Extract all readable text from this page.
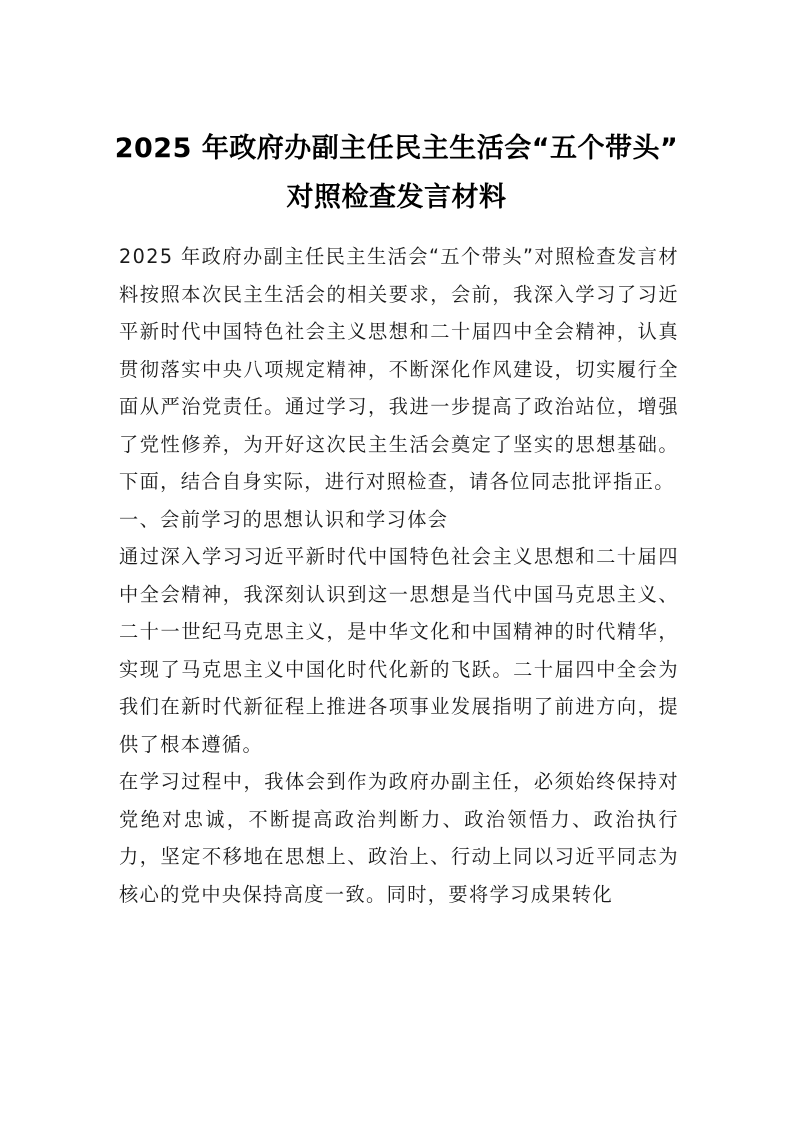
2025 年政府办副主任民主生活会“五个带头”
对照检查发言材料

2025 年政府办副主任民主生活会“五个带头”对照检查发言材料按照本次民主生活会的相关要求，会前，我深入学习了习近平新时代中国特色社会主义思想和二十届四中全会精神，认真贯彻落实中央八项规定精神，不断深化作风建设，切实履行全面从严治党责任。通过学习，我进一步提高了政治站位，增强了党性修养，为开好这次民主生活会奠定了坚实的思想基础。下面，结合自身实际，进行对照检查，请各位同志批评指正。

一、会前学习的思想认识和学习体会

通过深入学习习近平新时代中国特色社会主义思想和二十届四中全会精神，我深刻认识到这一思想是当代中国马克思主义、二十一世纪马克思主义，是中华文化和中国精神的时代精华，实现了马克思主义中国化时代化新的飞跃。二十届四中全会为我们在新时代新征程上推进各项事业发展指明了前进方向，提供了根本遵循。

在学习过程中，我体会到作为政府办副主任，必须始终保持对党绝对忠诚，不断提高政治判断力、政治领悟力、政治执行力，坚定不移地在思想上、政治上、行动上同以习近平同志为核心的党中央保持高度一致。同时，要将学习成果转化
